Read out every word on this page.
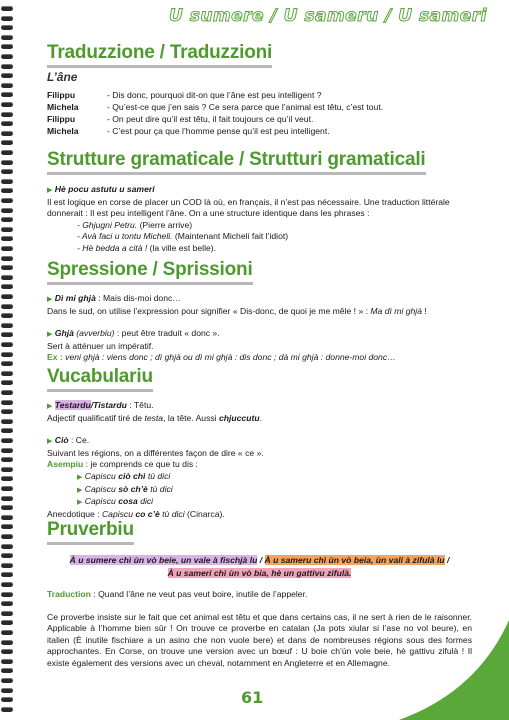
U sumere / U sameru / U sameri
Traduzzione / Traduzzioni
L’âne
Filippu	- Dis donc, pourquoi dit-on que l’âne est peu intelligent ?
Michela	- Qu’est-ce que j’en sais ? Ce sera parce que l’animal est têtu, c’est tout.
Filippu	- On peut dire qu’il est têtu, il fait toujours ce qu’il veut.
Michela	- C’est pour ça que l’homme pense qu’il est peu intelligent.
Strutture gramaticale / Strutturi gramaticali
▶ Hè pocu astutu u sameri

Il est logique en corse de placer un COD là où, en français, il n’est pas nécessaire. Une traduction littérale donnerait : Il est peu intelligent l’âne. On a une structure identique dans les phrases :

- Ghjugni Petru. (Pierre arrive)
- Avà faci u tontu Micheli. (Maintenant Micheli fait l’idiot)
- Hè bedda a cità ! (la ville est belle).
Spressione / Sprissioni
▶ Dì mi ghjà : Mais dis-moi donc…
Dans le sud, on utilise l’expression pour signifier « Dis-donc, de quoi je me mêle ! » : Ma dì mi ghjà !
▶ Ghjà (avverbiu) : peut être traduit « donc ».
Sert à atténuer un impératif.
Ex : veni ghjà : viens donc ; dì ghjà ou dì mi ghjà : dis donc ; dà mi ghjà : donne-moi donc…
Vucabulariu
▶ Testardu/Tistardu : Têtu.
Adjectif qualificatif tiré de testa, la tête. Aussi chjuccutu.
▶ Ciò : Ce.
Suivant les régions, on a différentes façon de dire « ce ».
Asempiu : je comprends ce que tu dis :
▶ Capiscu ciò chì tù dici
▶ Capiscu sò ch’è tù dici
▶ Capiscu cosa dici
Anecdotique : Capiscu co c’è tù dici (Cinarca).
Pruverbiu
À u sumere chì ùn vò beie, un vale à fischjà lu / À u sameru chì ùn vò beia, ùn vali à zifulà lu /
À u sameri chì ùn vò bia, hè un gattivu zifulà.
Traduction : Quand l’âne ne veut pas veut boire, inutile de l’appeler.
Ce proverbe insiste sur le fait que cet animal est têtu et que dans certains cas, il ne sert à rien de le raisonner. Applicable à l’homme bien sûr ! On trouve ce proverbe en catalan (Ja pots xiular si l’ase no vol beure), en italien (È inutile fischiare a un asino che non vuole bere) et dans de nombreuses régions sous des formes approchantes. En Corse, on trouve une version avec un bœuf : U boie ch’ùn vole beie, hè gattivu zifulà ! Il existe également des versions avec un cheval, notamment en Angleterre et en Allemagne.
61
